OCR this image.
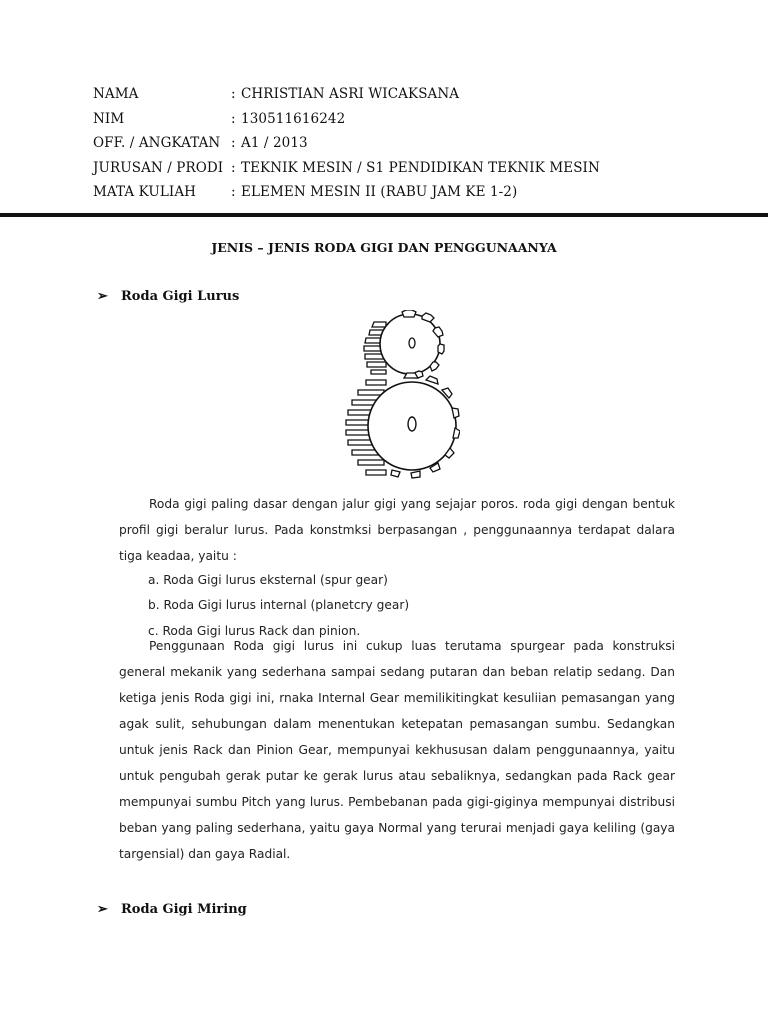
NAMA	: CHRISTIAN ASRI WICAKSANA
NIM	: 130511616242
OFF. / ANGKATAN : A1 / 2013
JURUSAN / PRODI : TEKNIK MESIN / S1 PENDIDIKAN TEKNIK MESIN
MATA KULIAH	: ELEMEN MESIN II (RABU JAM KE 1-2)
JENIS – JENIS RODA GIGI DAN PENGGUNAANYA
➢ Roda Gigi Lurus
Roda gigi paling dasar dengan jalur gigi yang sejajar poros. roda gigi dengan bentuk profil gigi beralur lurus. Pada konstmksi berpasangan , penggunaannya terdapat dalara tiga keadaa, yaitu :
a. Roda Gigi lurus eksternal (spur gear)
b. Roda Gigi lurus internal (planetcry gear)
c. Roda Gigi lurus Rack dan pinion.
Penggunaan Roda gigi lurus ini cukup luas terutama spurgear pada konstruksi general mekanik yang sederhana sampai sedang putaran dan beban relatip sedang. Dan ketiga jenis Roda gigi ini, rnaka Internal Gear memilikitingkat kesuliian pemasangan yang agak sulit, sehubungan dalam menentukan ketepatan pemasangan sumbu. Sedangkan untuk jenis Rack dan Pinion Gear, mempunyai kekhususan dalam penggunaannya, yaitu untuk pengubah gerak putar ke gerak lurus atau sebaliknya, sedangkan pada Rack gear mempunyai sumbu Pitch yang lurus. Pembebanan pada gigi-giginya mempunyai distribusi beban yang paling sederhana, yaitu gaya Normal yang terurai menjadi gaya keliling (gaya targensial) dan gaya Radial.
➢ Roda Gigi Miring
